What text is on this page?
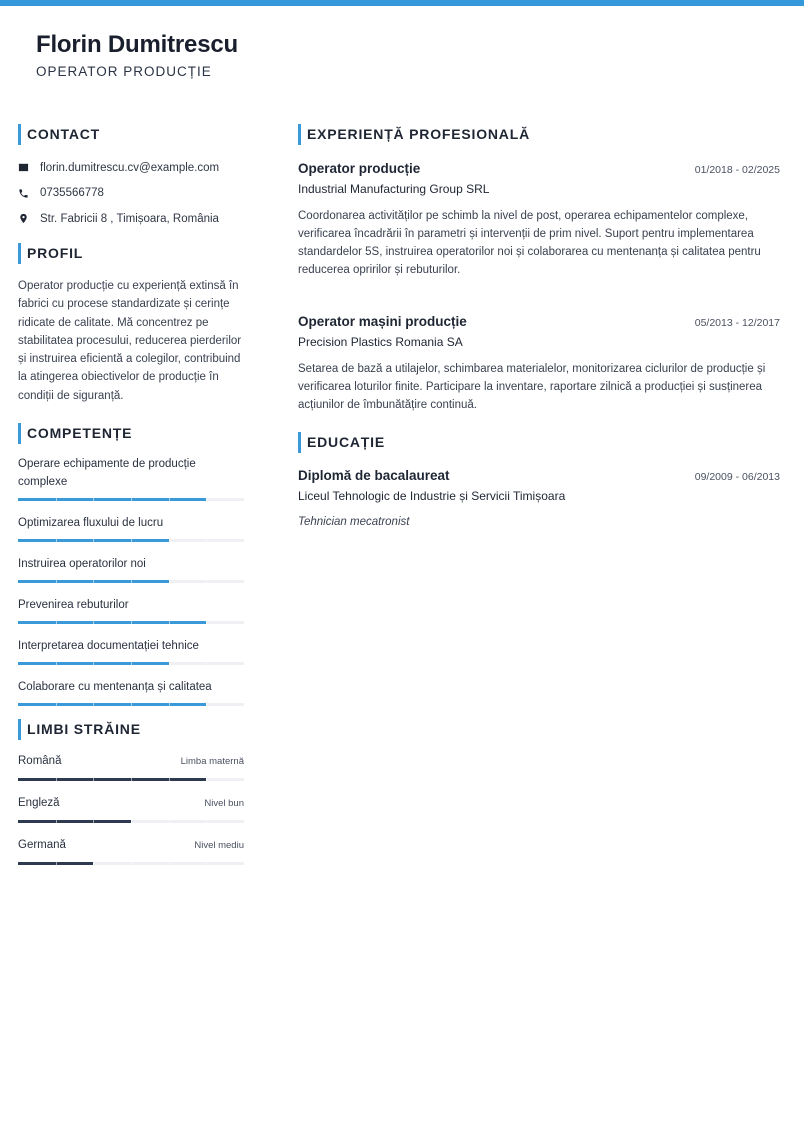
Florin Dumitrescu
OPERATOR PRODUCȚIE
CONTACT
florin.dumitrescu.cv@example.com
0735566778
Str. Fabricii 8 , Timișoara, România
PROFIL

Operator producție cu experiență extinsă în fabrici cu procese standardizate și cerințe ridicate de calitate. Mă concentrez pe stabilitatea procesului, reducerea pierderilor și instruirea eficientă a colegilor, contribuind la atingerea obiectivelor de producție în condiții de siguranță.

COMPETENȚE
Operare echipamente de producție complexe
Optimizarea fluxului de lucru
Instruirea operatorilor noi
Prevenirea rebuturilor
Interpretarea documentației tehnice
Colaborare cu mentenanța și calitatea
LIMBI STRĂINE
Română	Limba maternă
Engleză	Nivel bun
Germană	Nivel mediu
EXPERIENȚĂ PROFESIONALĂ
Operator producție	01/2018 - 02/2025
Industrial Manufacturing Group SRL

Coordonarea activităților pe schimb la nivel de post, operarea echipamentelor complexe, verificarea încadrării în parametri și intervenții de prim nivel. Suport pentru implementarea standardelor 5S, instruirea operatorilor noi și colaborarea cu mentenanța și calitatea pentru reducerea opririlor și rebuturilor.

Operator mașini producție	05/2013 - 12/2017
Precision Plastics Romania SA

Setarea de bază a utilajelor, schimbarea materialelor, monitorizarea ciclurilor de producție și verificarea loturilor finite. Participare la inventare, raportare zilnică a producției și susținerea acțiunilor de îmbunătățire continuă.

EDUCAȚIE
Diplomă de bacalaureat	09/2009 - 06/2013
Liceul Tehnologic de Industrie și Servicii Timișoara
Tehnician mecatronist
